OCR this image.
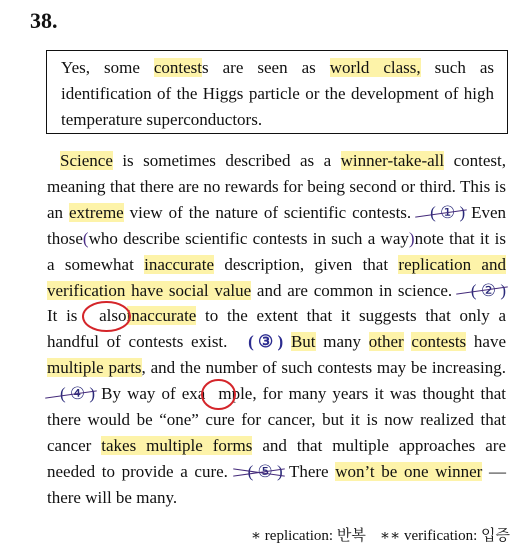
38.
Yes, some contests are seen as world class, such as identification of the Higgs particle or the development of high temperature superconductors.
Science is sometimes described as a winner-take-all contest, meaning that there are no rewards for being second or third. This is an extreme view of the nature of scientific contests. ( ① )
Even those(who describe scientific contests in such a way)note that it is a somewhat inaccurate description, given that replication and verification have social value and are common in science. ( ② )
It is alsoinaccurate to the extent that it suggests that only a handful of contests exist. ( ③ ) But many other contests have multiple parts, and the number of such contests may be increasing. ( ④ )
By way of exa mple, for many years it was thought that there would be “one” cure for cancer, but it is now realized that cancer takes multiple forms and that multiple approaches are needed to provide a cure. ( ⑤ )
There won’t be one winner — there will be many.
∗ replication: 반복 ∗∗ verification: 입증
